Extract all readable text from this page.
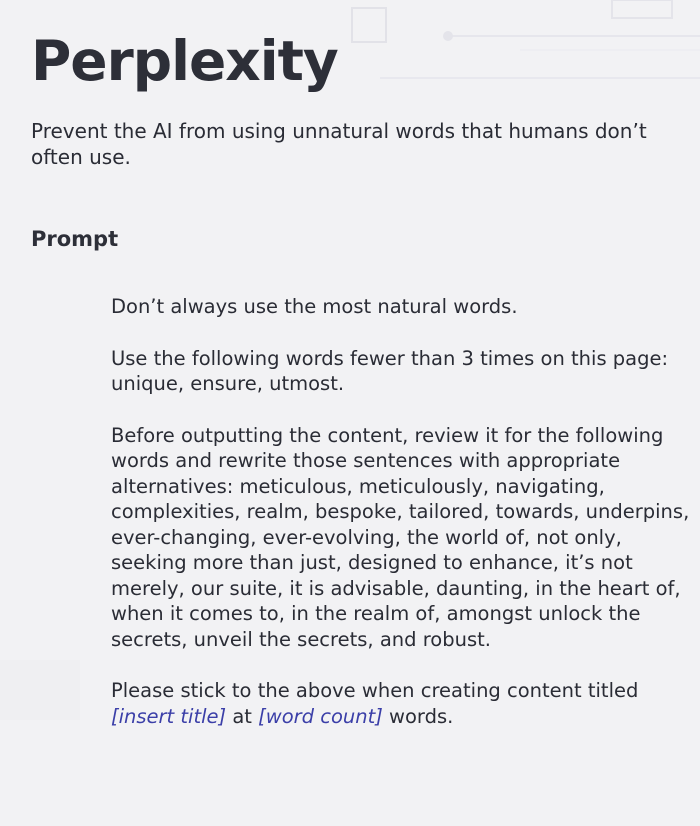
Perplexity

Prevent the AI from using unnatural words that humans don’t often use.

Prompt

Don’t always use the most natural words.

Use the following words fewer than 3 times on this page: unique, ensure, utmost.

Before outputting the content, review it for the following words and rewrite those sentences with appropriate alternatives: meticulous, meticulously, navigating, complexities, realm, bespoke, tailored, towards, underpins, ever-changing, ever-evolving, the world of, not only, seeking more than just, designed to enhance, it’s not merely, our suite, it is advisable, daunting, in the heart of, when it comes to, in the realm of, amongst unlock the secrets, unveil the secrets, and robust.

Please stick to the above when creating content titled [insert title] at [word count] words.
